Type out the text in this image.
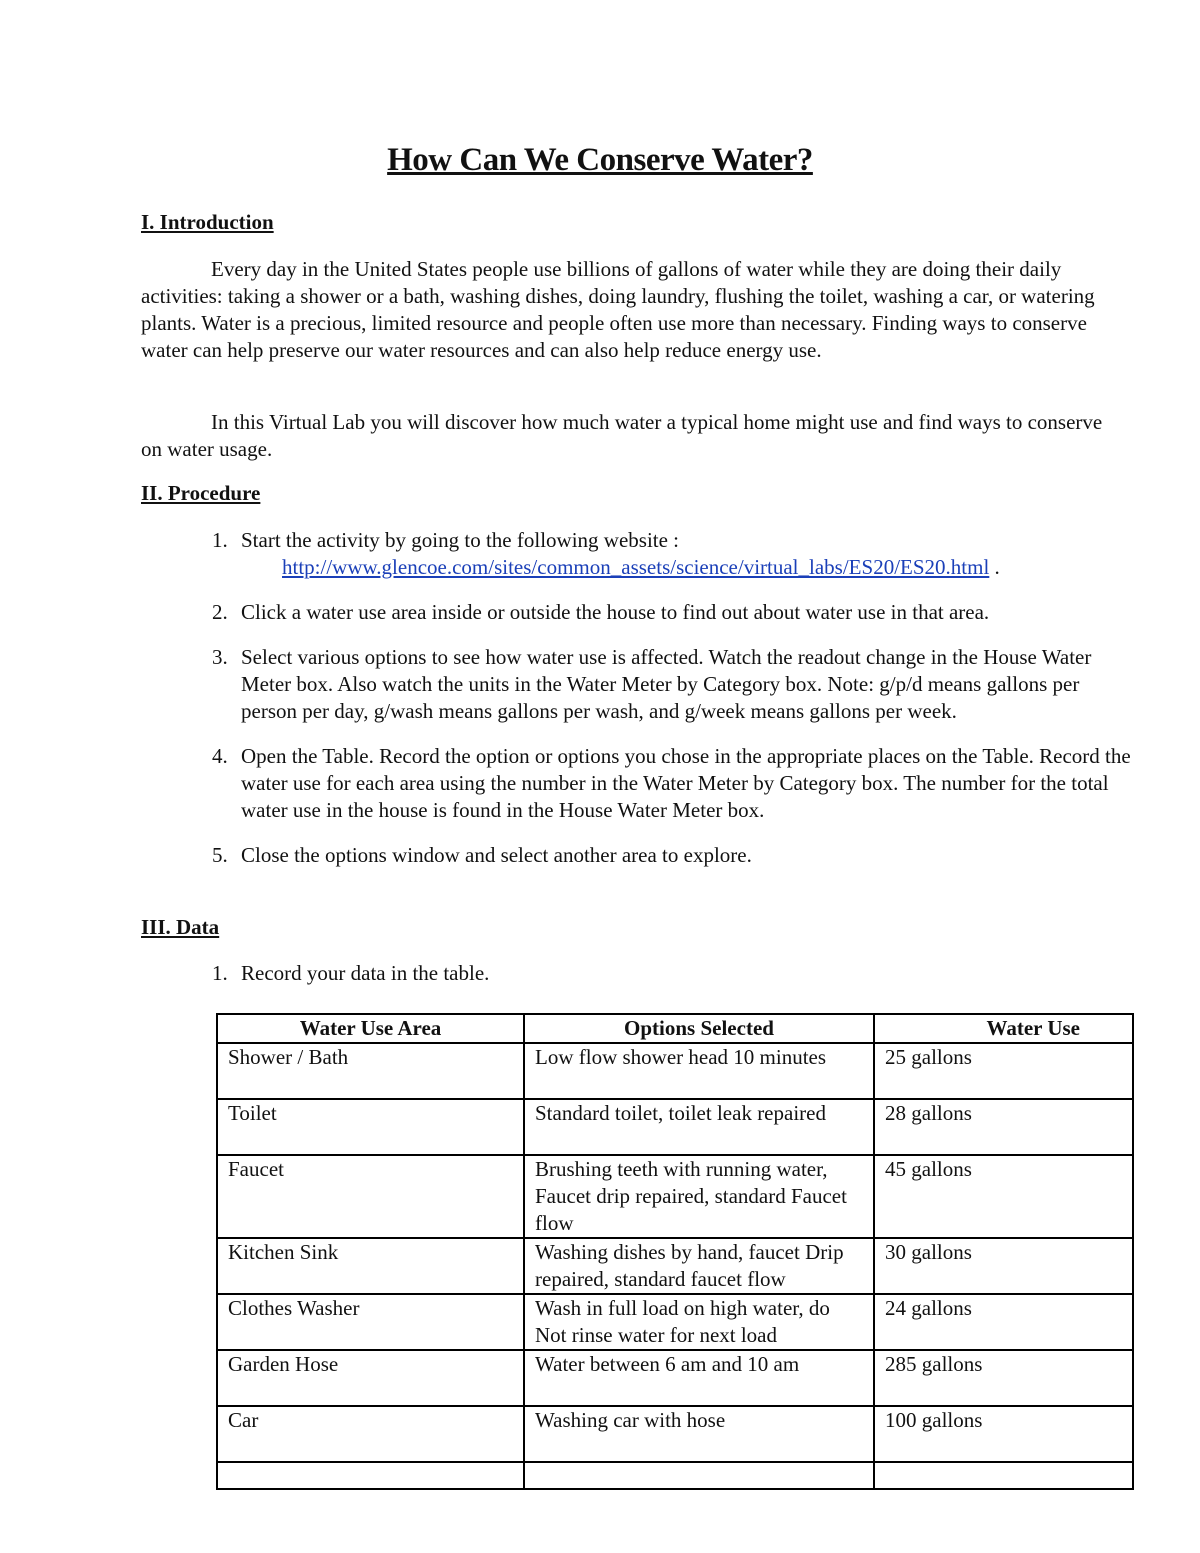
How Can We Conserve Water?
I. Introduction

Every day in the United States people use billions of gallons of water while they are doing their daily activities: taking a shower or a bath, washing dishes, doing laundry, flushing the toilet, washing a car, or watering plants. Water is a precious, limited resource and people often use more than necessary. Finding ways to conserve water can help preserve our water resources and can also help reduce energy use.

In this Virtual Lab you will discover how much water a typical home might use and find ways to conserve on water usage.

II. Procedure
1. Start the activity by going to the following website :
http://www.glencoe.com/sites/common_assets/science/virtual_labs/ES20/ES20.html .
2. Click a water use area inside or outside the house to find out about water use in that area.
3. Select various options to see how water use is affected. Watch the readout change in the House Water Meter box. Also watch the units in the Water Meter by Category box. Note: g/p/d means gallons per person per day, g/wash means gallons per wash, and g/week means gallons per week.
4. Open the Table. Record the option or options you chose in the appropriate places on the Table. Record the water use for each area using the number in the Water Meter by Category box. The number for the total water use in the house is found in the House Water Meter box.
5. Close the options window and select another area to explore.
III. Data
1. Record your data in the table.
Water Use Area	Options Selected	Water Use
Shower / Bath	Low flow shower head 10 minutes	25 gallons
Toilet	Standard toilet, toilet leak repaired	28 gallons
Faucet	Brushing teeth with running water, Faucet drip repaired, standard Faucet flow	45 gallons
Kitchen Sink	Washing dishes by hand, faucet Drip repaired, standard faucet flow	30 gallons
Clothes Washer	Wash in full load on high water, do Not rinse water for next load	24 gallons
Garden Hose	Water between 6 am and 10 am	285 gallons
Car	Washing car with hose	100 gallons
